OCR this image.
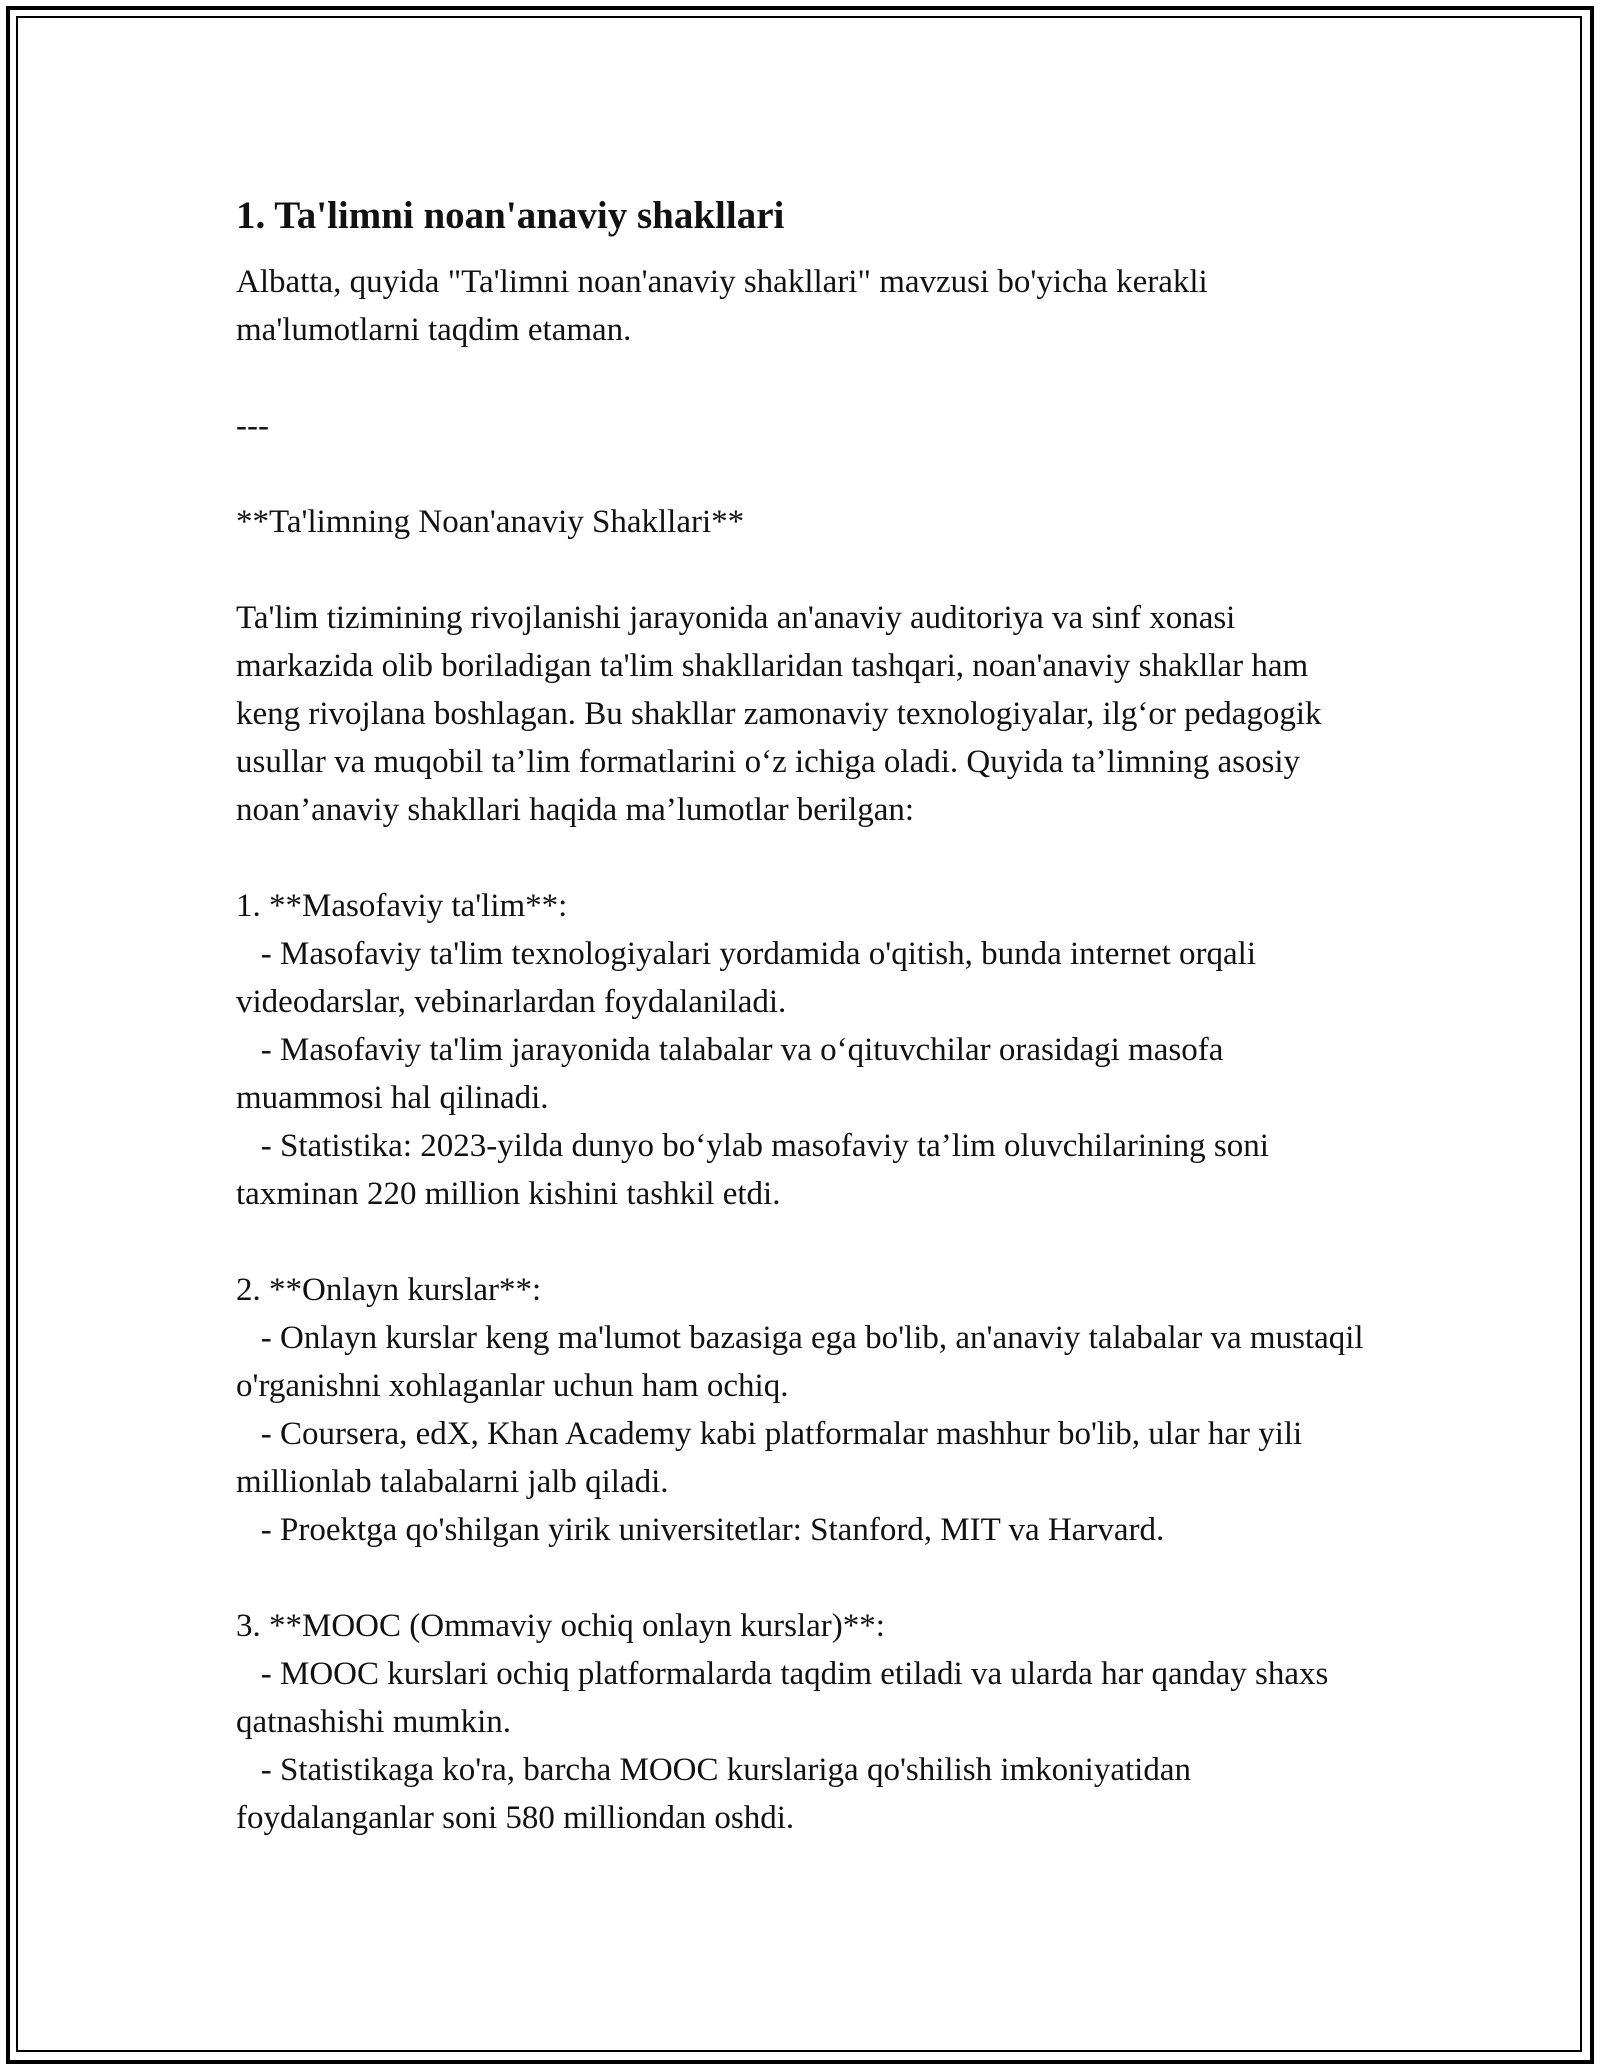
1. Ta'limni noan'anaviy shakllari

Albatta, quyida "Ta'limni noan'anaviy shakllari" mavzusi bo'yicha kerakli ma'lumotlarni taqdim etaman.

---

**Ta'limning Noan'anaviy Shakllari**

Ta'lim tizimining rivojlanishi jarayonida an'anaviy auditoriya va sinf xonasi markazida olib boriladigan ta'lim shakllaridan tashqari, noan'anaviy shakllar ham keng rivojlana boshlagan. Bu shakllar zamonaviy texnologiyalar, ilg‘or pedagogik usullar va muqobil ta’lim formatlarini o‘z ichiga oladi. Quyida ta’limning asosiy noan’anaviy shakllari haqida ma’lumotlar berilgan:

1. **Masofaviy ta'lim**:

- Masofaviy ta'lim texnologiyalari yordamida o'qitish, bunda internet orqali videodarslar, vebinarlardan foydalaniladi.

- Masofaviy ta'lim jarayonida talabalar va o‘qituvchilar orasidagi masofa muammosi hal qilinadi.

- Statistika: 2023-yilda dunyo bo‘ylab masofaviy ta’lim oluvchilarining soni taxminan 220 million kishini tashkil etdi.

2. **Onlayn kurslar**:

- Onlayn kurslar keng ma'lumot bazasiga ega bo'lib, an'anaviy talabalar va mustaqil o'rganishni xohlaganlar uchun ham ochiq.

- Coursera, edX, Khan Academy kabi platformalar mashhur bo'lib, ular har yili millionlab talabalarni jalb qiladi.

- Proektga qo'shilgan yirik universitetlar: Stanford, MIT va Harvard.

3. **MOOC (Ommaviy ochiq onlayn kurslar)**:

- MOOC kurslari ochiq platformalarda taqdim etiladi va ularda har qanday shaxs qatnashishi mumkin.

- Statistikaga ko'ra, barcha MOOC kurslariga qo'shilish imkoniyatidan foydalanganlar soni 580 milliondan oshdi.
